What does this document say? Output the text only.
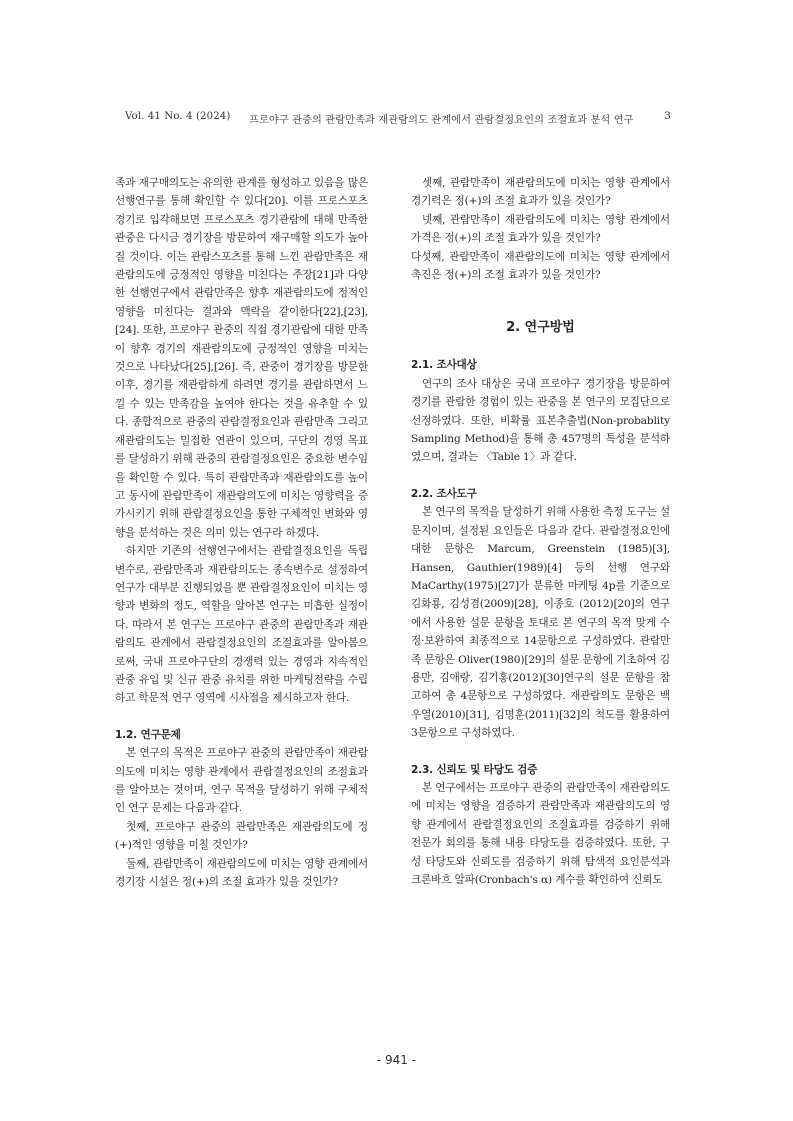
Vol. 41 No. 4 (2024) 프로야구 관중의 관람만족과 재관람의도 관계에서 관람결정요인의 조절효과 분석 연구	3

족과 재구매의도는 유의한 관계를 형성하고 있음을 많은 선행연구를 통해 확인할 수 있다[20]. 이를 프로스포츠 경기로 입각해보면 프로스포츠 경기관람에 대해 만족한 관중은 다시금 경기장을 방문하여 재구매할 의도가 높아질 것이다. 이는 관람스포츠를 통해 느낀 관람만족은 재관람의도에 긍정적인 영향을 미친다는 주장[21]과 다양한 선행연구에서 관람만족은 향후 재관람의도에 정적인 영향을 미친다는 결과와 맥락을 같이한다[22],[23],[24]. 또한, 프로야구 관중의 직접 경기관람에 대한 만족이 향후 경기의 재관람의도에 긍정적인 영향을 미치는 것으로 나타났다[25],[26]. 즉, 관중이 경기장을 방문한 이후, 경기를 재관람하게 하려면 경기를 관람하면서 느낄 수 있는 만족감을 높여야 한다는 것을 유추할 수 있다. 종합적으로 관중의 관람결정요인과 관람만족 그리고 재관람의도는 밀접한 연관이 있으며, 구단의 경영 목표를 달성하기 위해 관중의 관람결정요인은 중요한 변수임을 확인할 수 있다. 특히 관람만족과 재관람의도를 높이고 동시에 관람만족이 재관람의도에 미치는 영향력을 증가시키기 위해 관람결정요인을 통한 구체적인 변화와 영향을 분석하는 것은 의미 있는 연구라 하겠다.

하지만 기존의 선행연구에서는 관람결정요인을 독립변수로, 관람만족과 재관람의도는 종속변수로 설정하여 연구가 대부분 진행되었을 뿐 관람결정요인이 미치는 영향과 변화의 정도, 역할을 알아본 연구는 미흡한 실정이다. 따라서 본 연구는 프로야구 관중의 관람만족과 재관람의도 관계에서 관람결정요인의 조절효과를 알아봄으로써, 국내 프로야구단의 경쟁력 있는 경영과 지속적인 관중 유입 및 신규 관중 유치를 위한 마케팅전략을 수립하고 학문적 연구 영역에 시사점을 제시하고자 한다.

1.2. 연구문제

본 연구의 목적은 프로야구 관중의 관람만족이 재관람의도에 미치는 영향 관계에서 관람결정요인의 조절효과를 알아보는 것이며, 연구 목적을 달성하기 위해 구체적인 연구 문제는 다음과 같다.

첫째, 프로야구 관중의 관람만족은 재관람의도에 정(+)적인 영향을 미칠 것인가?

둘째, 관람만족이 재관람의도에 미치는 영향 관계에서 경기장 시설은 정(+)의 조절 효과가 있을 것인가?

셋째, 관람만족이 재관람의도에 미치는 영향 관계에서 경기력은 정(+)의 조절 효과가 있을 것인가?

넷째, 관람만족이 재관람의도에 미치는 영향 관계에서 가격은 정(+)의 조절 효과가 있을 것인가?

다섯째, 관람만족이 재관람의도에 미치는 영향 관계에서 촉진은 정(+)의 조절 효과가 있을 것인가?

2. 연구방법
2.1. 조사대상

연구의 조사 대상은 국내 프로야구 경기장을 방문하여 경기를 관람한 경험이 있는 관중을 본 연구의 모집단으로 선정하였다. 또한, 비확률 표본추출법(Non-probablity Sampling Method)을 통해 총 457명의 특성을 분석하였으며, 결과는 〈Table 1〉과 같다.

2.2. 조사도구

본 연구의 목적을 달성하기 위해 사용한 측정 도구는 설문지이며, 설정된 요인들은 다음과 같다. 관람결정요인에 대한 문항은 Marcum, Greenstein (1985)[3], Hansen, Gauthier(1989)[4] 등의 선행 연구와 MaCarthy(1975)[27]가 분류한 마케팅 4p를 기준으로 김화룡, 김성겸(2009)[28], 이종호 (2012)[20]의 연구에서 사용한 설문 문항을 토대로 본 연구의 목적 맞게 수정·보완하여 최종적으로 14문항으로 구성하였다. 관람만족 문항은 Oliver(1980)[29]의 설문 문항에 기초하여 김용만, 김애랑, 김기홍(2012)[30]연구의 설문 문항을 참고하여 총 4문항으로 구성하였다. 재관람의도 문항은 백우열(2010)[31], 김명훈(2011)[32]의 척도를 활용하여 3문항으로 구성하였다.

2.3. 신뢰도 및 타당도 검증

본 연구에서는 프로야구 관중의 관람만족이 재관람의도에 미치는 영향을 검증하기 관람만족과 재관람의도의 영향 관계에서 관람결정요인의 조절효과를 검증하기 위해 전문가 회의를 통해 내용 타당도를 검증하였다. 또한, 구성 타당도와 신뢰도를 검증하기 위해 탐색적 요인분석과 크론바흐 알파(Cronbach's α) 계수를 확인하여 신뢰도

- 941 -
